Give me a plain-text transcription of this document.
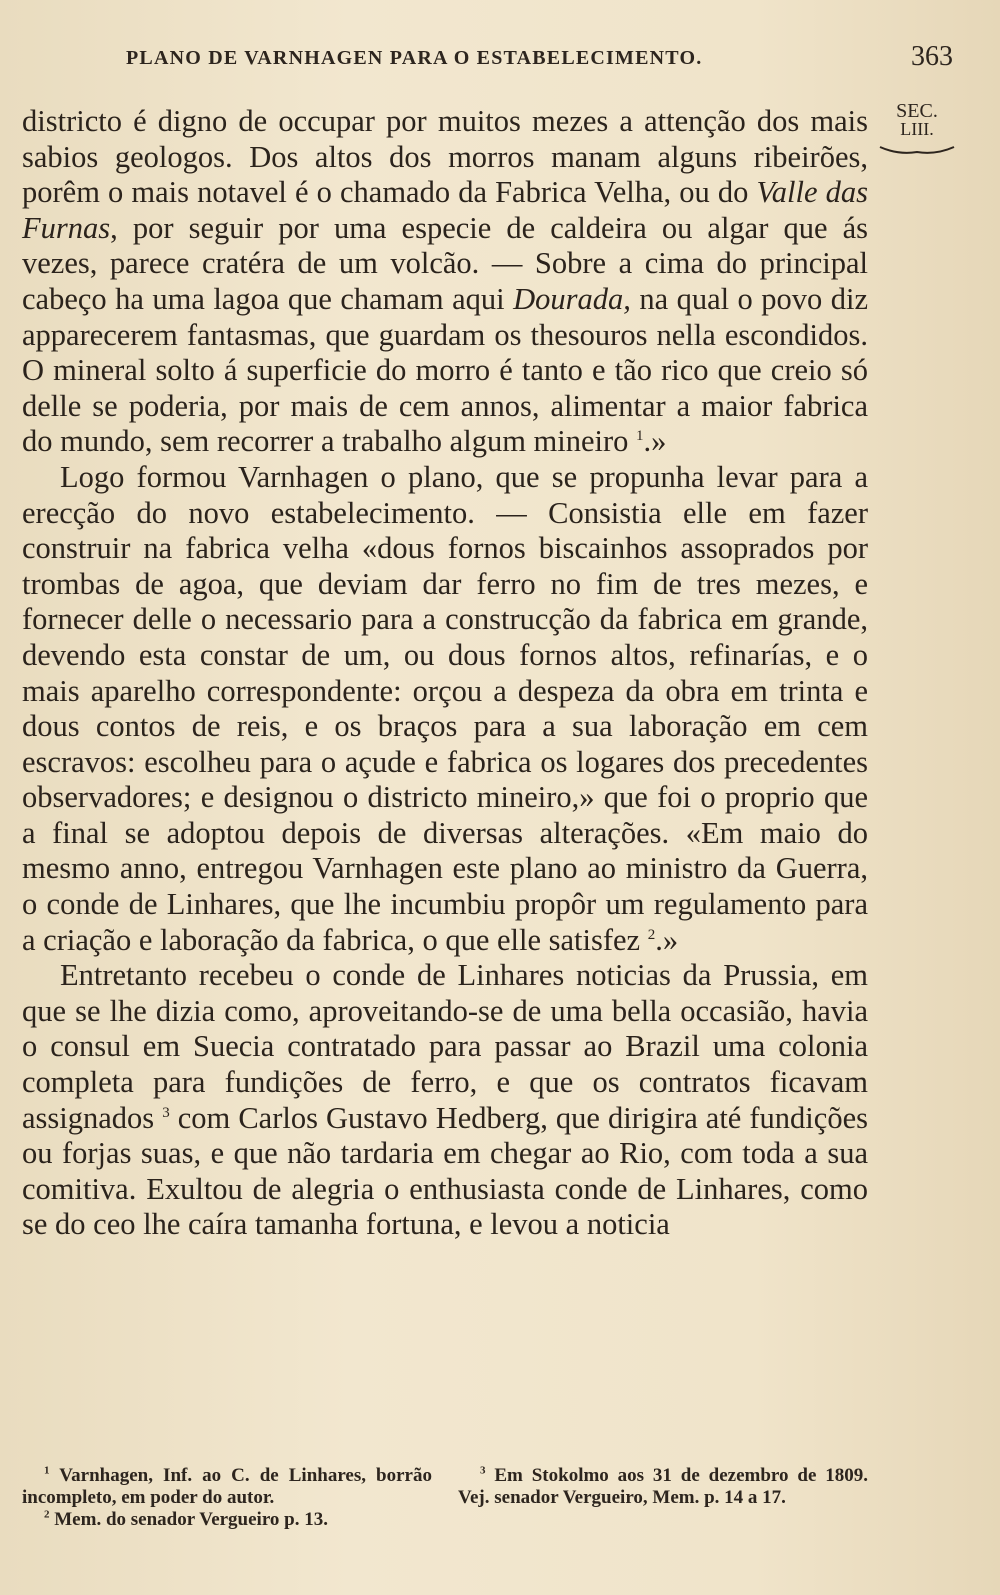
PLANO DE VARNHAGEN PARA O ESTABELECIMENTO.	363
SEC.
LIII.

districto é digno de occupar por muitos mezes a attenção dos mais sabios geologos. Dos altos dos morros manam alguns ribeirões, porêm o mais notavel é o chamado da Fabrica Velha, ou do Valle das Furnas, por seguir por uma especie de caldeira ou algar que ás vezes, parece cratéra de um volcão. — Sobre a cima do principal cabeço ha uma lagoa que chamam aqui Dourada, na qual o povo diz apparecerem fantasmas, que guardam os thesouros nella escondidos. O mineral solto á superficie do morro é tanto e tão rico que creio só delle se poderia, por mais de cem annos, alimentar a maior fabrica do mundo, sem recorrer a trabalho algum mineiro $^1$.»

Logo formou Varnhagen o plano, que se propunha levar para a erecção do novo estabelecimento. — Consistia elle em fazer construir na fabrica velha «dous fornos biscainhos assoprados por trombas de agoa, que deviam dar ferro no fim de tres mezes, e fornecer delle o necessario para a construcção da fabrica em grande, devendo esta constar de um, ou dous fornos altos, refinarías, e o mais aparelho correspondente: orçou a despeza da obra em trinta e dous contos de reis, e os braços para a sua laboração em cem escravos: escolheu para o açude e fabrica os logares dos precedentes observadores; e designou o districto mineiro,» que foi o proprio que a final se adoptou depois de diversas alterações. «Em maio do mesmo anno, entregou Varnhagen este plano ao ministro da Guerra, o conde de Linhares, que lhe incumbiu propôr um regulamento para a criação e laboração da fabrica, o que elle satisfez $^2$.»

Entretanto recebeu o conde de Linhares noticias da Prussia, em que se lhe dizia como, aproveitando-se de uma bella occasião, havia o consul em Suecia contratado para passar ao Brazil uma colonia completa para fundições de ferro, e que os contratos ficavam assignados $^3$ com Carlos Gustavo Hedberg, que dirigira até fundições ou forjas suas, e que não tardaria em chegar ao Rio, com toda a sua comitiva. Exultou de alegria o enthusiasta conde de Linhares, como se do ceo lhe caíra tamanha fortuna, e levou a noticia

$^1$ Varnhagen, Inf. ao C. de Linhares, borrão incompleto, em poder do autor.

$^2$ Mem. do senador Vergueiro p. 13.

$^3$ Em Stokolmo aos 31 de dezembro de 1809. Vej. senador Vergueiro, Mem. p. 14 a 17.
